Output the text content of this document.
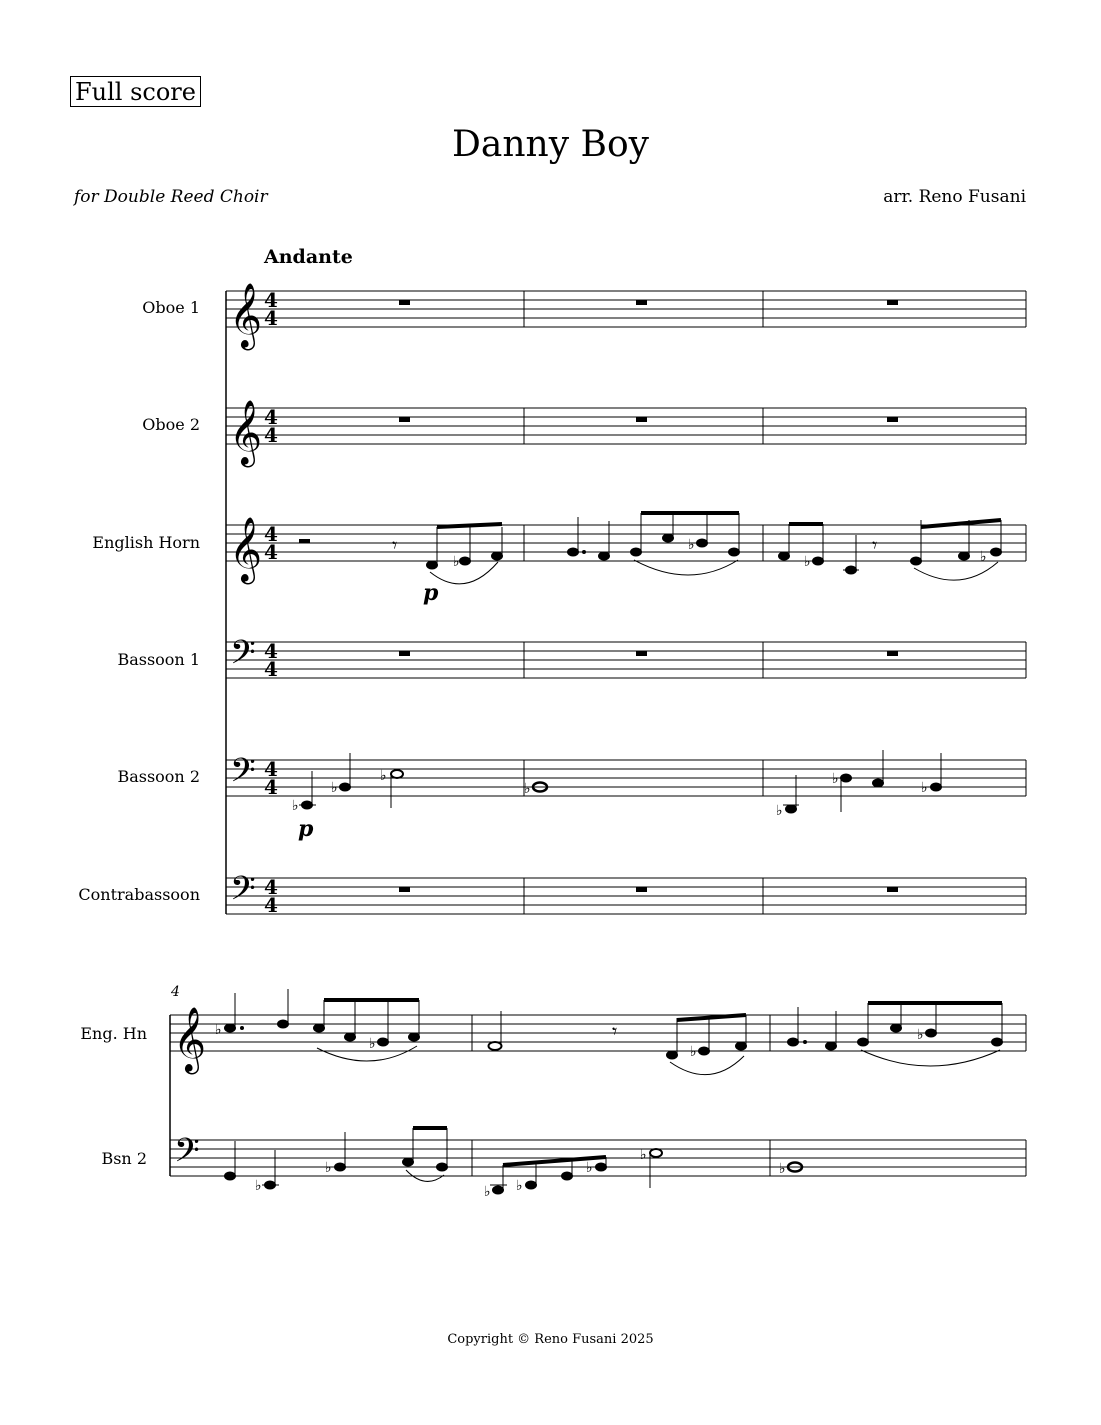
Full score
Danny Boy
for Double Reed Choir	arr. Reno Fusani
Andante
Oboe 1
Oboe 2
English Horn
Bassoon 1
Bassoon 2
Contrabassoon
4
Eng. Hn
Bsn 2
𝄞
𝄞
𝄞
𝄞
𝄢
𝄢
𝄢
𝄢
4
4
4
4
4
4
4
4
4
4
4
4
𝄾
♭
♭
♭
𝄾	♭
♭
♭
♭
♭
♭
♭
♭
♭
♭
𝄾
♭
♭
♭
♭
♭ ♭
♭
♭
♭
p
p
Copyright © Reno Fusani 2025
